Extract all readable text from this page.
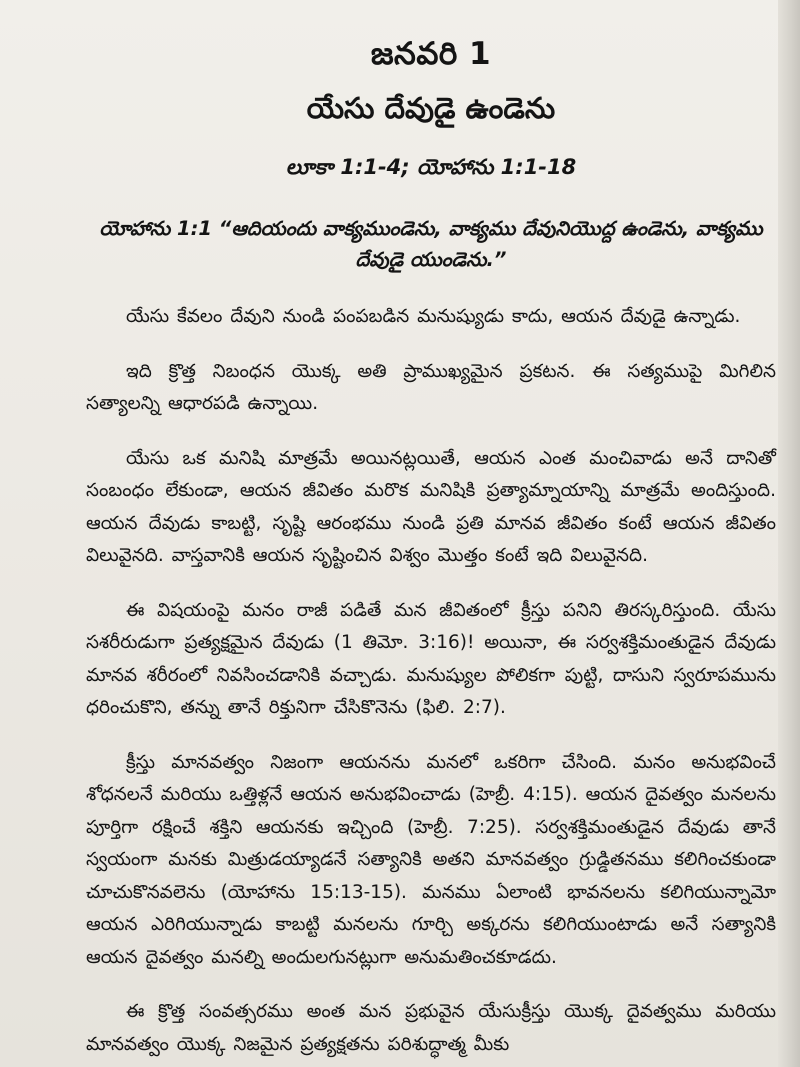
జనవరి 1
యేసు దేవుడై ఉండెను

లూకా 1:1-4; యోహాను 1:1-18

యోహాను 1:1 “ఆదియందు వాక్యముండెను, వాక్యము దేవునియొద్ద ఉండెను, వాక్యము దేవుడై యుండెను.”

యేసు కేవలం దేవుని నుండి పంపబడిన మనుష్యుడు కాదు, ఆయన దేవుడై ఉన్నాడు.

ఇది క్రొత్త నిబంధన యొక్క అతి ప్రాముఖ్యమైన ప్రకటన. ఈ సత్యముపై మిగిలిన సత్యాలన్ని ఆధారపడి ఉన్నాయి.

యేసు ఒక మనిషి మాత్రమే అయినట్లయితే, ఆయన ఎంత మంచివాడు అనే దానితో సంబంధం లేకుండా, ఆయన జీవితం మరొక మనిషికి ప్రత్యామ్నాయాన్ని మాత్రమే అందిస్తుంది. ఆయన దేవుడు కాబట్టి, సృష్టి ఆరంభము నుండి ప్రతి మానవ జీవితం కంటే ఆయన జీవితం విలువైనది. వాస్తవానికి ఆయన సృష్టించిన విశ్వం మొత్తం కంటే ఇది విలువైనది.

ఈ విషయంపై మనం రాజీ పడితే మన జీవితంలో క్రీస్తు పనిని తిరస్కరిస్తుంది. యేసు సశరీరుడుగా ప్రత్యక్షమైన దేవుడు (1 తిమో. 3:16)! అయినా, ఈ సర్వశక్తిమంతుడైన దేవుడు మానవ శరీరంలో నివసించడానికి వచ్చాడు. మనుష్యుల పోలికగా పుట్టి, దాసుని స్వరూపమును ధరించుకొని, తన్ను తానే రిక్తునిగా చేసికొనెను (ఫిలి. 2:7).

క్రీస్తు మానవత్వం నిజంగా ఆయనను మనలో ఒకరిగా చేసింది. మనం అనుభవించే శోధనలనే మరియు ఒత్తిళ్లనే ఆయన అనుభవించాడు (హెబ్రీ. 4:15). ఆయన దైవత్వం మనలను పూర్తిగా రక్షించే శక్తిని ఆయనకు ఇచ్చింది (హెబ్రీ. 7:25). సర్వశక్తిమంతుడైన దేవుడు తానే స్వయంగా మనకు మిత్రుడయ్యాడనే సత్యానికి అతని మానవత్వం గ్రుడ్డితనము కలిగించకుండా చూచుకొనవలెను (యోహాను 15:13-15). మనము ఏలాంటి భావనలను కలిగియున్నామో ఆయన ఎరిగియున్నాడు కాబట్టి మనలను గూర్చి అక్కరను కలిగియుంటాడు అనే సత్యానికి ఆయన దైవత్వం మనల్ని అందులగునట్లుగా అనుమతించకూడదు.

ఈ క్రొత్త సంవత్సరము అంత మన ప్రభువైన యేసుక్రీస్తు యొక్క దైవత్వము మరియు మానవత్వం యొక్క నిజమైన ప్రత్యక్షతను పరిశుద్ధాత్మ మీకు
